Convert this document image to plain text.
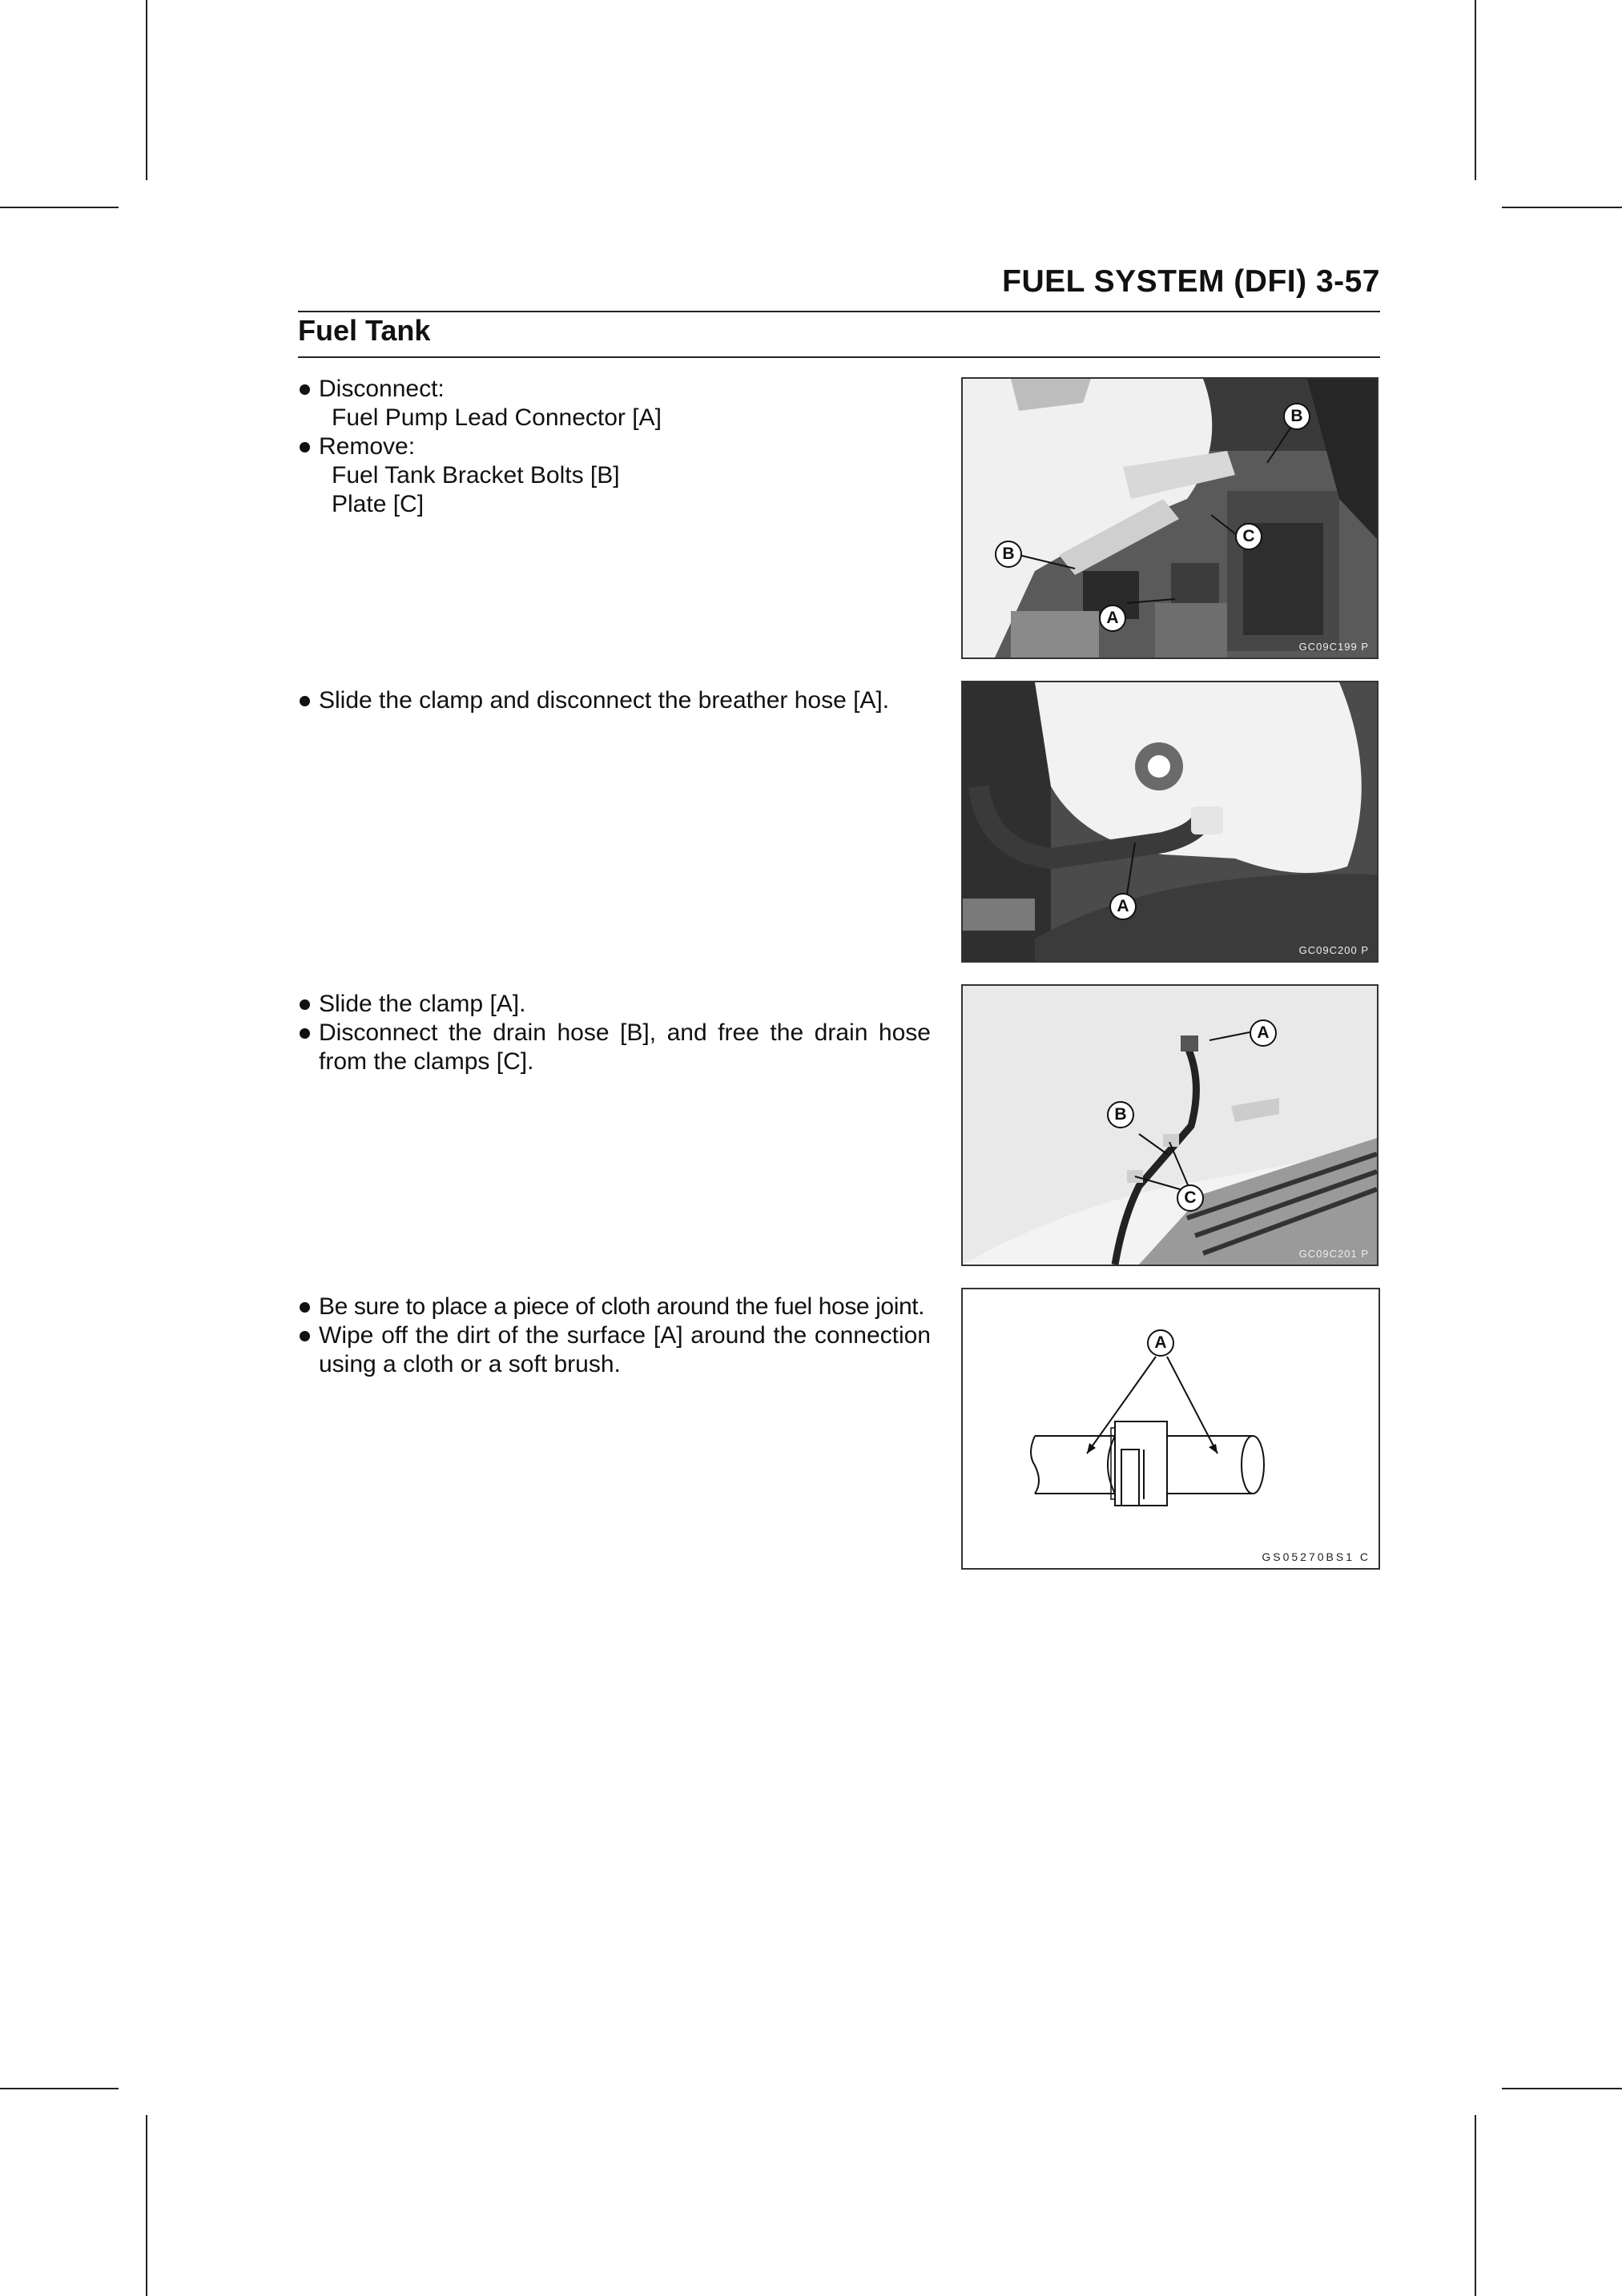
FUEL SYSTEM (DFI) 3-57
Fuel Tank
Disconnect:
Fuel Pump Lead Connector [A]
Remove:
Fuel Tank Bracket Bolts [B]
Plate [C]
B
C
B
A
GC09C199 P
Slide the clamp and disconnect the breather hose [A].
A
GC09C200 P
Slide the clamp [A].
Disconnect the drain hose [B], and free the drain hose from the clamps [C].
A
B
C
GC09C201 P
Be sure to place a piece of cloth around the fuel hose joint.
Wipe off the dirt of the surface [A] around the connection using a cloth or a soft brush.
A
GS05270BS1 C
